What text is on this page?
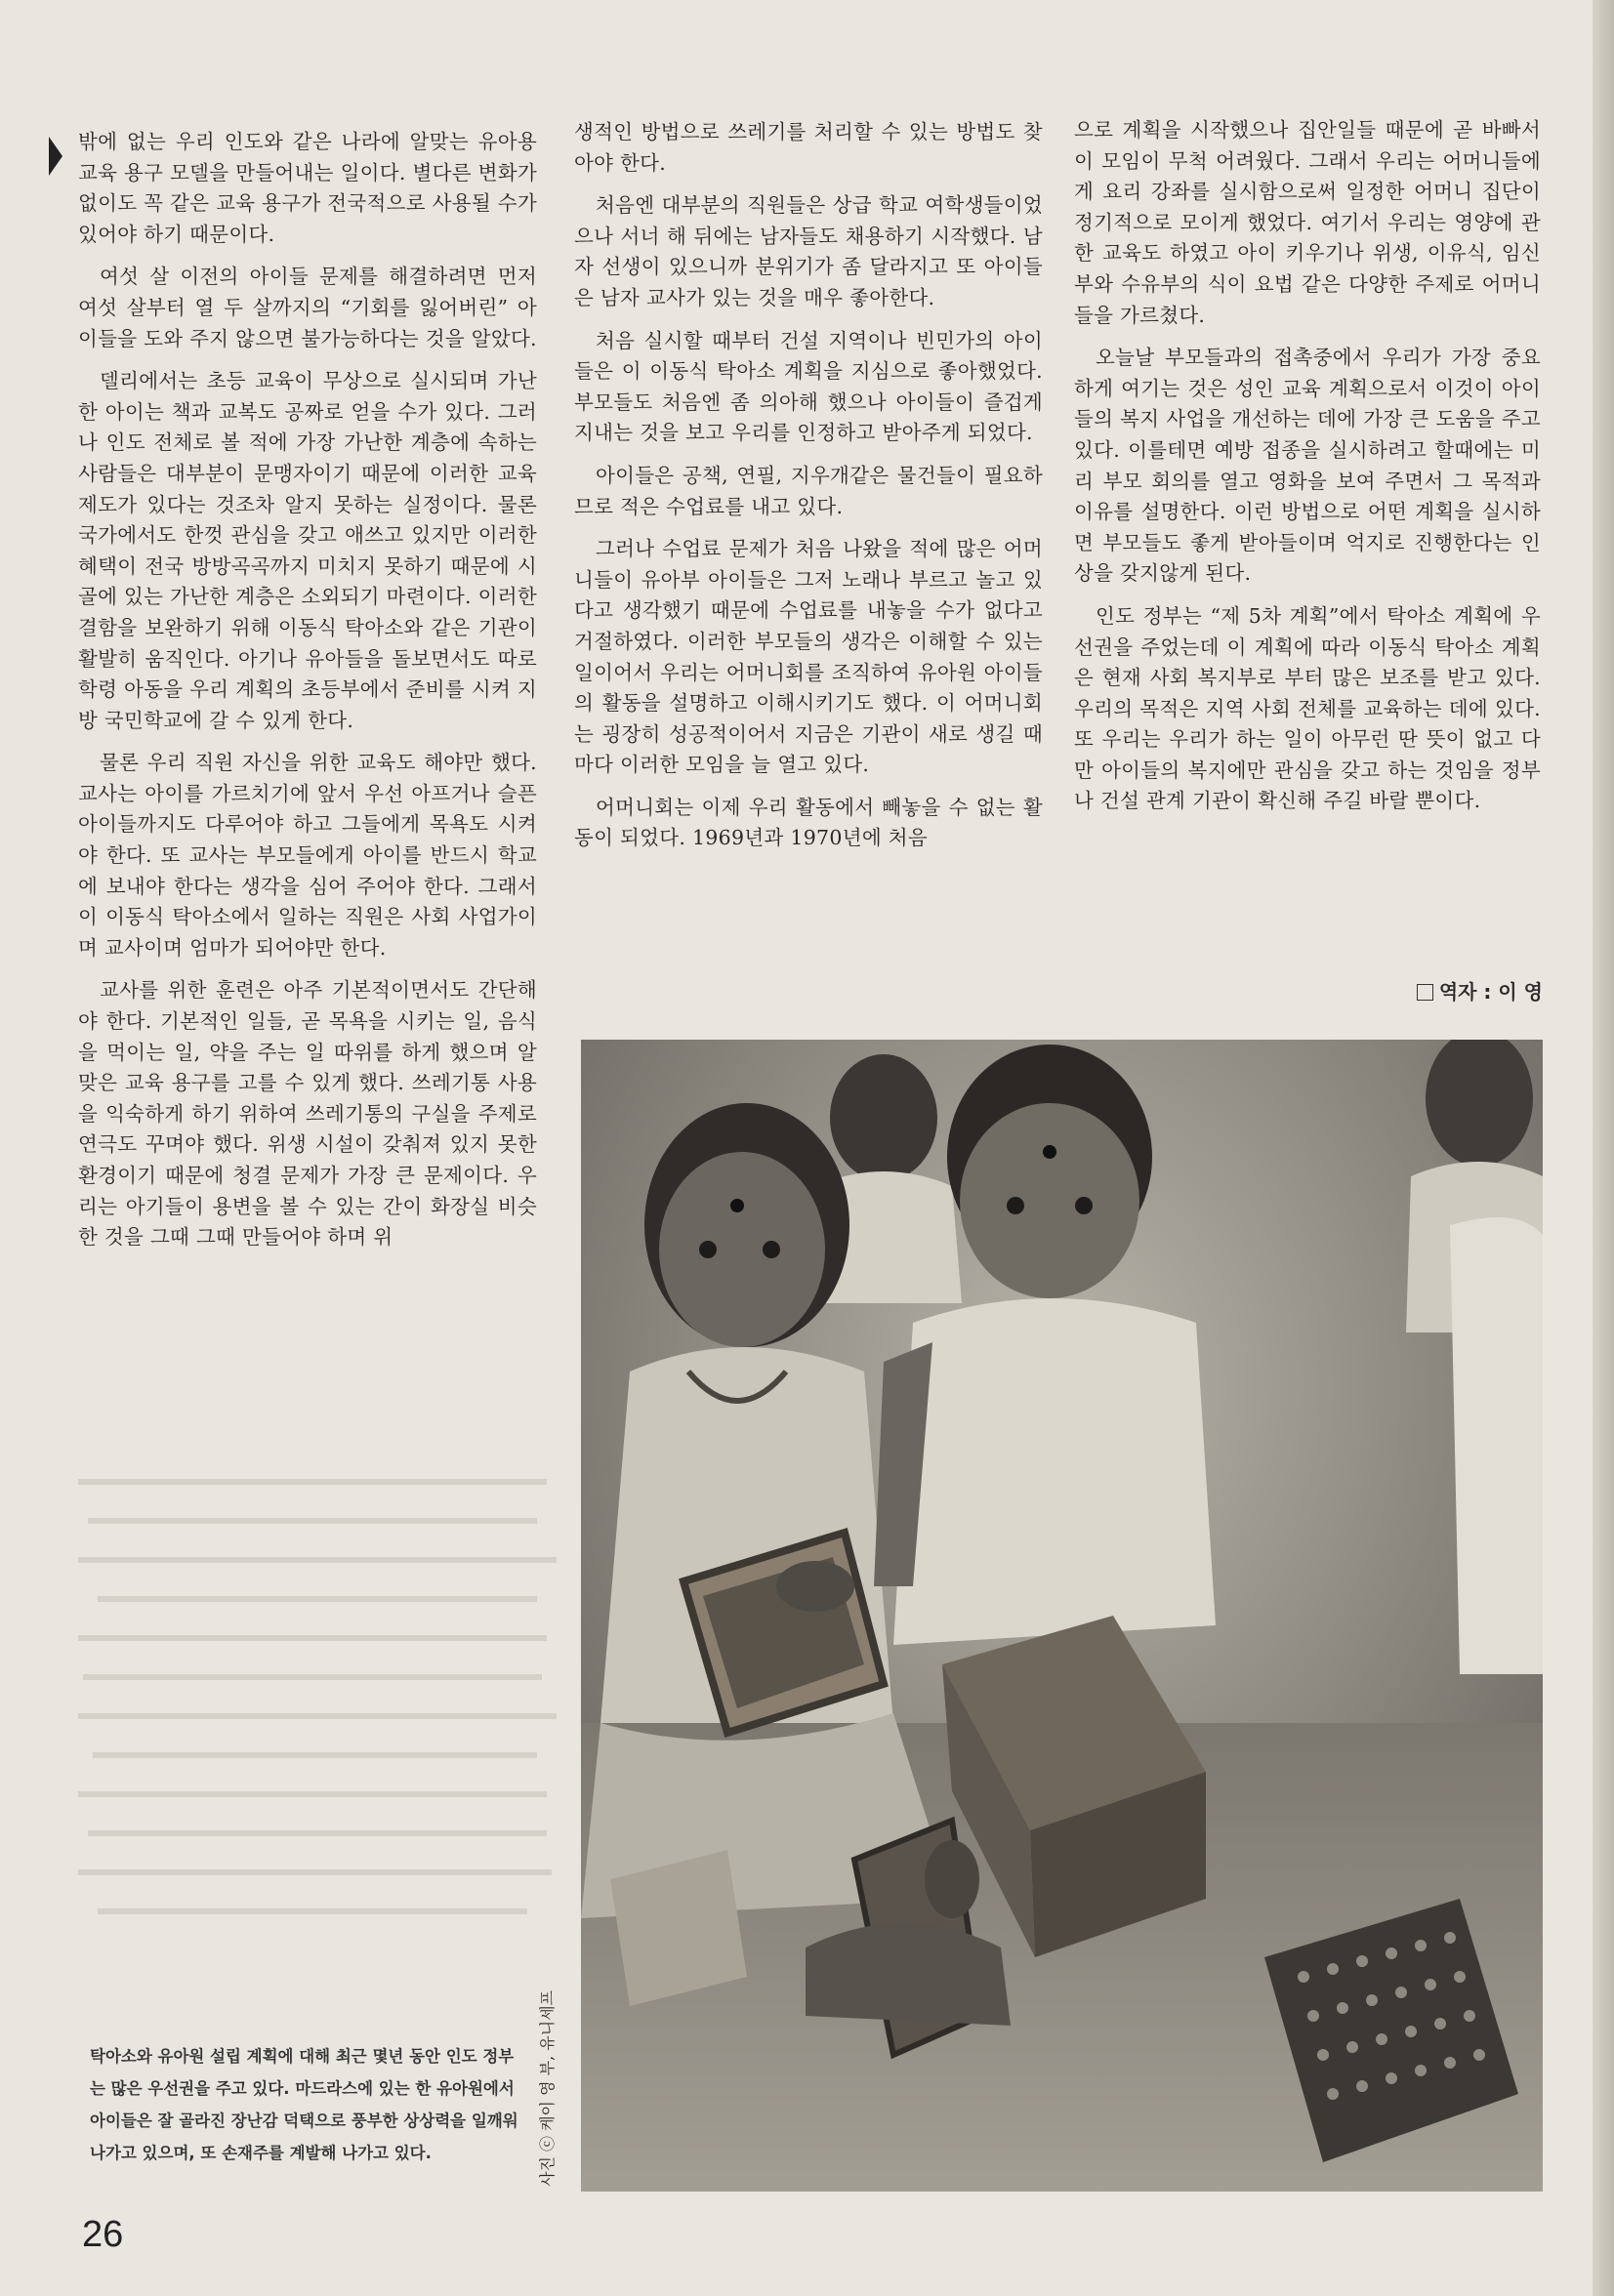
밖에 없는 우리 인도와 같은 나라에 알맞는 유아용 교육 용구 모델을 만들어내는 일이다. 별다른 변화가 없이도 꼭 같은 교육 용구가 전국적으로 사용될 수가 있어야 하기 때문이다.

여섯 살 이전의 아이들 문제를 해결하려면 먼저 여섯 살부터 열 두 살까지의 “기회를 잃어버린” 아이들을 도와 주지 않으면 불가능하다는 것을 알았다.

델리에서는 초등 교육이 무상으로 실시되며 가난한 아이는 책과 교복도 공짜로 얻을 수가 있다. 그러나 인도 전체로 볼 적에 가장 가난한 계층에 속하는 사람들은 대부분이 문맹자이기 때문에 이러한 교육 제도가 있다는 것조차 알지 못하는 실정이다. 물론 국가에서도 한껏 관심을 갖고 애쓰고 있지만 이러한 혜택이 전국 방방곡곡까지 미치지 못하기 때문에 시골에 있는 가난한 계층은 소외되기 마련이다. 이러한 결함을 보완하기 위해 이동식 탁아소와 같은 기관이 활발히 움직인다. 아기나 유아들을 돌보면서도 따로 학령 아동을 우리 계획의 초등부에서 준비를 시켜 지방 국민학교에 갈 수 있게 한다.

물론 우리 직원 자신을 위한 교육도 해야만 했다. 교사는 아이를 가르치기에 앞서 우선 아프거나 슬픈 아이들까지도 다루어야 하고 그들에게 목욕도 시켜야 한다. 또 교사는 부모들에게 아이를 반드시 학교에 보내야 한다는 생각을 심어 주어야 한다. 그래서 이 이동식 탁아소에서 일하는 직원은 사회 사업가이며 교사이며 엄마가 되어야만 한다.

교사를 위한 훈련은 아주 기본적이면서도 간단해야 한다. 기본적인 일들, 곧 목욕을 시키는 일, 음식을 먹이는 일, 약을 주는 일 따위를 하게 했으며 알맞은 교육 용구를 고를 수 있게 했다. 쓰레기통 사용을 익숙하게 하기 위하여 쓰레기통의 구실을 주제로 연극도 꾸며야 했다. 위생 시설이 갖춰져 있지 못한 환경이기 때문에 청결 문제가 가장 큰 문제이다. 우리는 아기들이 용변을 볼 수 있는 간이 화장실 비슷한 것을 그때 그때 만들어야 하며 위

생적인 방법으로 쓰레기를 처리할 수 있는 방법도 찾아야 한다.

처음엔 대부분의 직원들은 상급 학교 여학생들이었으나 서너 해 뒤에는 남자들도 채용하기 시작했다. 남자 선생이 있으니까 분위기가 좀 달라지고 또 아이들은 남자 교사가 있는 것을 매우 좋아한다.

처음 실시할 때부터 건설 지역이나 빈민가의 아이들은 이 이동식 탁아소 계획을 지심으로 좋아했었다. 부모들도 처음엔 좀 의아해 했으나 아이들이 즐겁게 지내는 것을 보고 우리를 인정하고 받아주게 되었다.

아이들은 공책, 연필, 지우개같은 물건들이 필요하므로 적은 수업료를 내고 있다.

그러나 수업료 문제가 처음 나왔을 적에 많은 어머니들이 유아부 아이들은 그저 노래나 부르고 놀고 있다고 생각했기 때문에 수업료를 내놓을 수가 없다고 거절하였다. 이러한 부모들의 생각은 이해할 수 있는 일이어서 우리는 어머니회를 조직하여 유아원 아이들의 활동을 설명하고 이해시키기도 했다. 이 어머니회는 굉장히 성공적이어서 지금은 기관이 새로 생길 때마다 이러한 모임을 늘 열고 있다.

어머니회는 이제 우리 활동에서 빼놓을 수 없는 활동이 되었다. 1969년과 1970년에 처음

으로 계획을 시작했으나 집안일들 때문에 곧 바빠서 이 모임이 무척 어려웠다. 그래서 우리는 어머니들에게 요리 강좌를 실시함으로써 일정한 어머니 집단이 정기적으로 모이게 했었다. 여기서 우리는 영양에 관한 교육도 하였고 아이 키우기나 위생, 이유식, 임신부와 수유부의 식이 요법 같은 다양한 주제로 어머니들을 가르쳤다.

오늘날 부모들과의 접촉중에서 우리가 가장 중요하게 여기는 것은 성인 교육 계획으로서 이것이 아이들의 복지 사업을 개선하는 데에 가장 큰 도움을 주고 있다. 이를테면 예방 접종을 실시하려고 할때에는 미리 부모 회의를 열고 영화을 보여 주면서 그 목적과 이유를 설명한다. 이런 방법으로 어떤 계획을 실시하면 부모들도 좋게 받아들이며 억지로 진행한다는 인상을 갖지않게 된다.

인도 정부는 “제 5차 계획”에서 탁아소 계획에 우선권을 주었는데 이 계획에 따라 이동식 탁아소 계획은 현재 사회 복지부로 부터 많은 보조를 받고 있다. 우리의 목적은 지역 사회 전체를 교육하는 데에 있다. 또 우리는 우리가 하는 일이 아무런 딴 뜻이 없고 다만 아이들의 복지에만 관심을 갖고 하는 것임을 정부나 건설 관계 기관이 확신해 주길 바랄 뿐이다.

역자 : 이 영
사진 ⓒ 케이 영 부, 유니세프
탁아소와 유아원 설립 계획에 대해 최근 몇년 동안 인도 정부는 많은 우선권을 주고 있다. 마드라스에 있는 한 유아원에서 아이들은 잘 골라진 장난감 덕택으로 풍부한 상상력을 일깨워 나가고 있으며, 또 손재주를 계발해 나가고 있다.
26
